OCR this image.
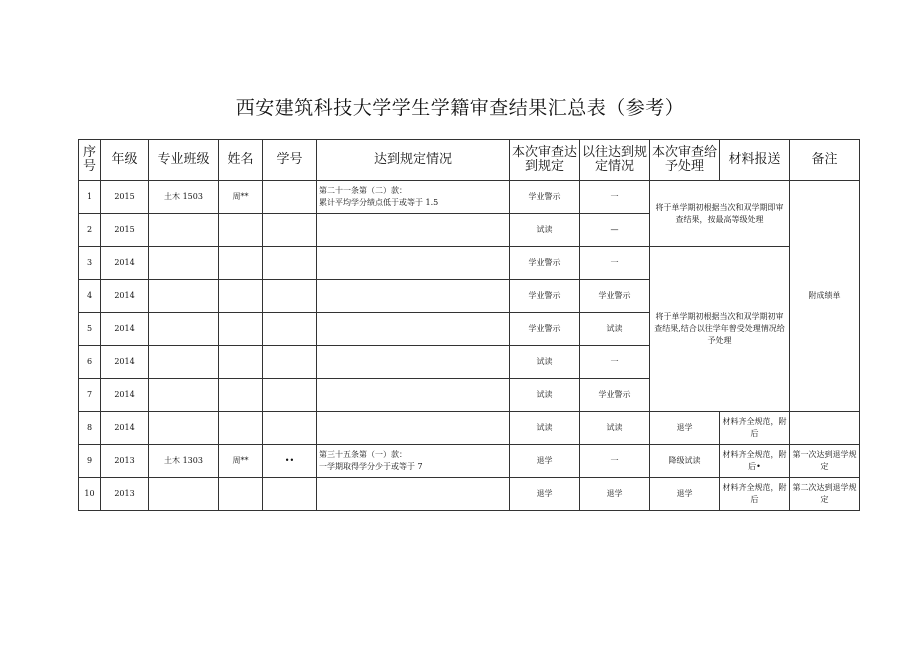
西安建筑科技大学学生学籍审查结果汇总表（参考）
序号	年级	专业班级	姓名	学号	达到规定情况	本次审查达到规定	以往达到规定情况	本次审查给予处理	材料报送	备注
1	2015	土木 1503	周**		第二十一条第（二）款：
累计平均学分绩点低于或等于 1.5	学业警示	一	将于单学期初根据当次和双学期即审查结果，按最高等级处理		附成绩单
2	2015					试读	—			
3	2014					学业警示	一	将于单学期初根据当次和双学期初审查结果,结合以往学年曾受处理情况给予处理		
4	2014					学业警示	学业警示			
5	2014					学业警示	试读			
6	2014					试读	一			
7	2014					试读	学业警示			
8	2014					试读	试读	退学	材料齐全规范，附后	
9	2013	土木 1303	周**	••	第三十五条第（一）款：
一学期取得学分少于或等于 7	退学	一	降级试读	材料齐全规范，附后•	第一次达到退学规定
10	2013					退学	退学	退学	材料齐全规范，附后	第二次达到退学规定
